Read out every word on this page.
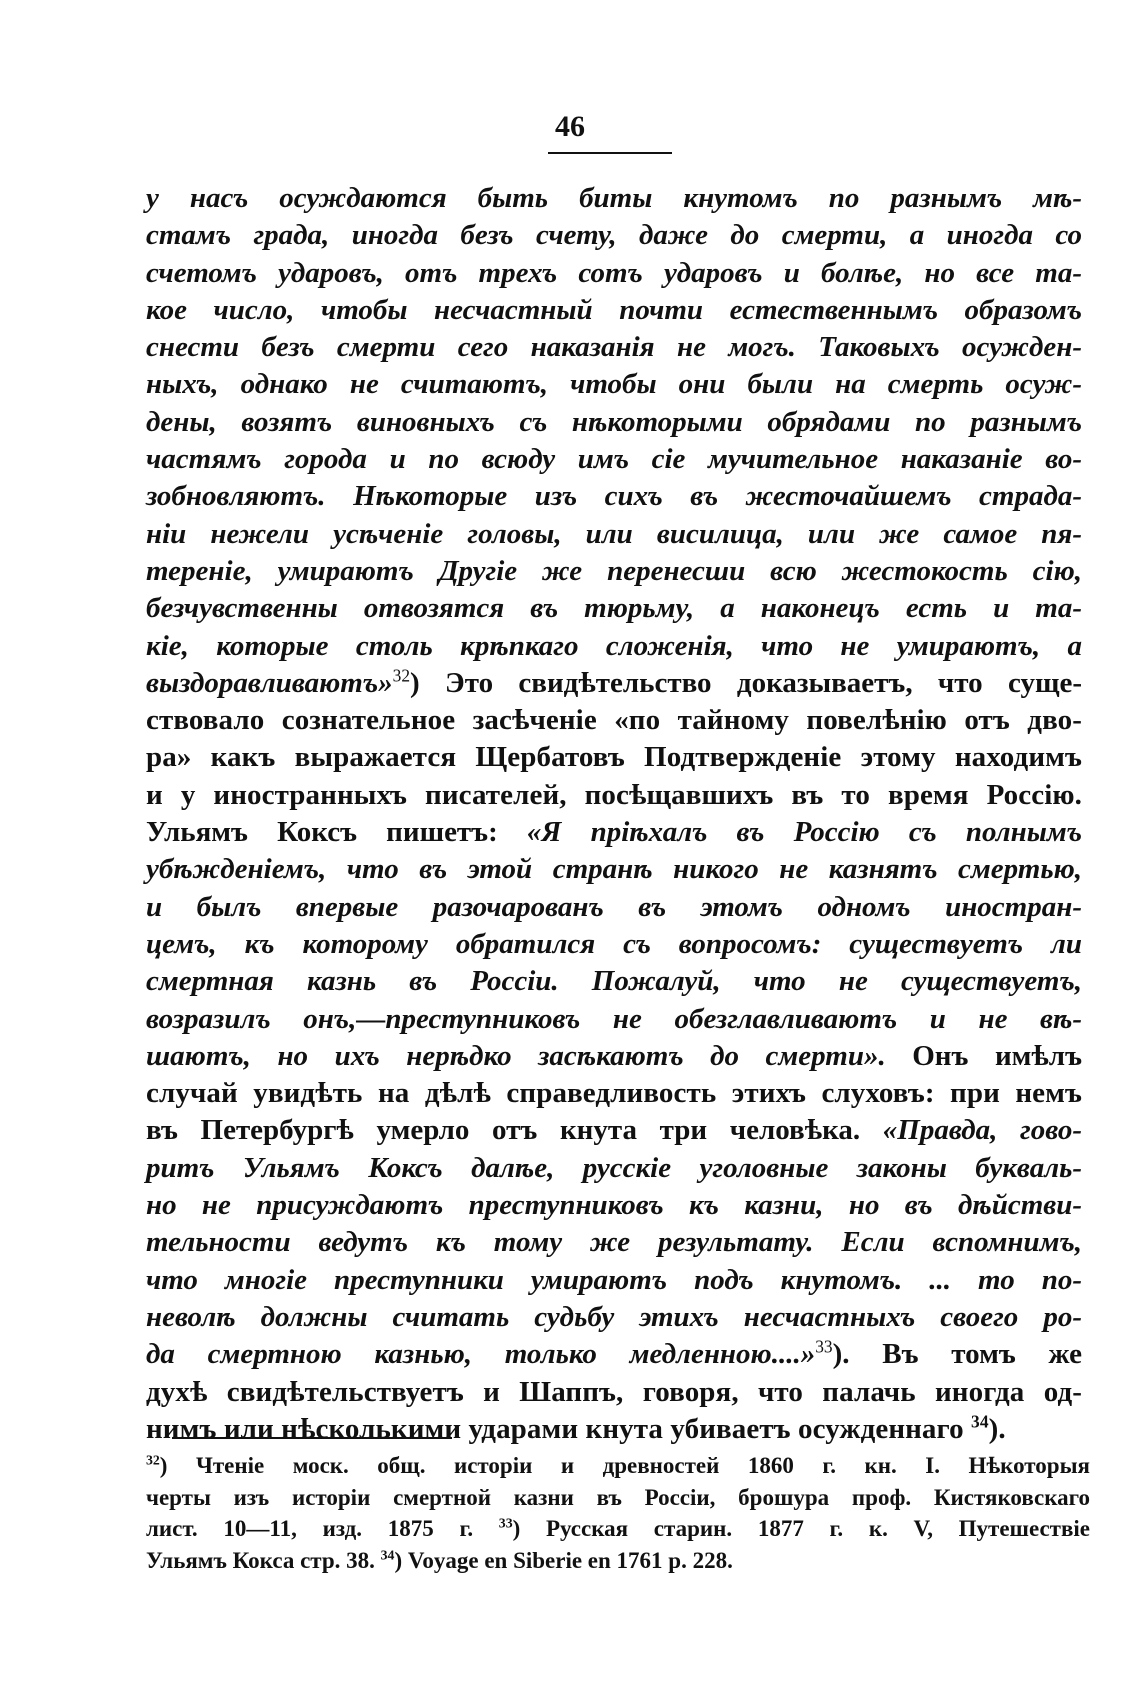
46
у насъ осуждаются быть биты кнутомъ по разнымъ мѣ-
стамъ града, иногда безъ счету, даже до смерти, а иногда со
счетомъ ударовъ, отъ трехъ сотъ ударовъ и болѣе, но все та-
кое число, чтобы несчастный почти естественнымъ образомъ
снести безъ смерти сего наказанія не могъ. Таковыхъ осужден-
ныхъ, однако не считаютъ, чтобы они были на смерть осуж-
дены, возятъ виновныхъ съ нѣкоторыми обрядами по разнымъ
частямъ города и по всюду имъ сіе мучительное наказаніе во-
зобновляютъ. Нѣкоторые изъ сихъ въ жесточайшемъ страда-
ніи нежели усѣченіе головы, или висилица, или же самое пя-
тереніе, умираютъ Другіе же перенесши всю жестокость сію,
безчувственны отвозятся въ тюрьму, а наконецъ есть и та-
кіе, которые столь крѣпкаго сложенія, что не умираютъ, а
выздоравливаютъ»$^{32}$) Это свидѣтельство доказываетъ, что суще-
ствовало сознательное засѣченіе «по тайному повелѣнію отъ дво-
ра» какъ выражается Щербатовъ Подтвержденіе этому находимъ
и у иностранныхъ писателей, посѣщавшихъ въ то время Россію.
Ульямъ Коксъ пишетъ: «Я пріѣхалъ въ Россію съ полнымъ
убѣжденіемъ, что въ этой странѣ никого не казнятъ смертью,
и былъ впервые разочарованъ въ этомъ одномъ иностран-
цемъ, къ которому обратился съ вопросомъ: существуетъ ли
смертная казнь въ Россіи. Пожалуй, что не существуетъ,
возразилъ онъ,—преступниковъ не обезглавливаютъ и не вѣ-
шаютъ, но ихъ нерѣдко засѣкаютъ до смерти». Онъ имѣлъ
случай увидѣть на дѣлѣ справедливость этихъ слуховъ: при немъ
въ Петербургѣ умерло отъ кнута три человѣка. «Правда, гово-
ритъ Ульямъ Коксъ далѣе, русскіе уголовные законы букваль-
но не присуждаютъ преступниковъ къ казни, но въ дѣйстви-
тельности ведутъ къ тому же результату. Если вспомнимъ,
что многіе преступники умираютъ подъ кнутомъ. ... то по-
неволѣ должны считать судьбу этихъ несчастныхъ своего ро-
да смертною казнью, только медленною....»$^{33}$). Въ томъ же
духѣ свидѣтельствуетъ и Шаппъ, говоря, что палачь иногда од-
нимъ или нѣсколькими ударами кнута убиваетъ осужденнаго $^{34}$).
$^{32}$) Чтеніе моск. общ. исторіи и древностей 1860 г. кн. I. Нѣкоторыя
черты изъ исторіи смертной казни въ Россіи, брошура проф. Кистяковскаго
лист. 10—11, изд. 1875 г. $^{33}$) Русская старин. 1877 г. к. V, Путешествіе
Ульямъ Кокса стр. 38. $^{34}$) Voyage en Siberie en 1761 p. 228.
